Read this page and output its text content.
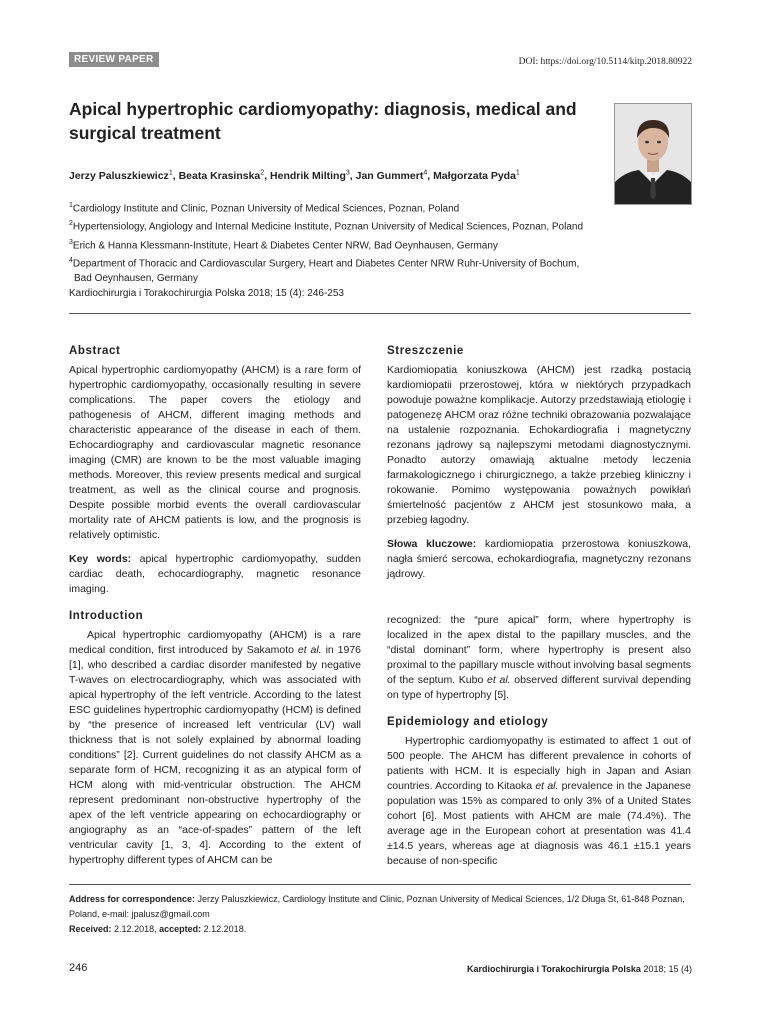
REVIEW PAPER	DOI: https://doi.org/10.5114/kitp.2018.80922
Apical hypertrophic cardiomyopathy: diagnosis, medical and surgical treatment
Jerzy Paluszkiewicz$^1$, Beata Krasinska$^2$, Hendrik Milting$^3$, Jan Gummert$^4$, Małgorzata Pyda$^1$
$^1$Cardiology Institute and Clinic, Poznan University of Medical Sciences, Poznan, Poland
$^2$Hypertensiology, Angiology and Internal Medicine Institute, Poznan University of Medical Sciences, Poznan, Poland
$^3$Erich & Hanna Klessmann-Institute, Heart & Diabetes Center NRW, Bad Oeynhausen, Germany
$^4$Department of Thoracic and Cardiovascular Surgery, Heart and Diabetes Center NRW Ruhr-University of Bochum,
Bad Oeynhausen, Germany
Kardiochirurgia i Torakochirurgia Polska 2018; 15 (4): 246-253
Abstract

Apical hypertrophic cardiomyopathy (AHCM) is a rare form of hypertrophic cardiomyopathy, occasionally resulting in severe complications. The paper covers the etiology and pathogenesis of AHCM, different imaging methods and characteristic appearance of the disease in each of them. Echocardiography and cardiovascular magnetic resonance imaging (CMR) are known to be the most valuable imaging methods. Moreover, this review presents medical and surgical treatment, as well as the clinical course and prognosis. Despite possible morbid events the overall cardiovascular mortality rate of AHCM patients is low, and the prognosis is relatively optimistic.

Key words: apical hypertrophic cardiomyopathy, sudden cardiac death, echocardiography, magnetic resonance imaging.

Streszczenie

Kardiomiopatia koniuszkowa (AHCM) jest rzadką postacią kardiomiopatii przerostowej, która w niektórych przypadkach powoduje poważne komplikacje. Autorzy przedstawiają etiologię i patogenezę AHCM oraz różne techniki obrazowania pozwalające na ustalenie rozpoznania. Echokardiografia i magnetyczny rezonans jądrowy są najlepszymi metodami diagnostycznymi. Ponadto autorzy omawiają aktualne metody leczenia farmakologicznego i chirurgicznego, a także przebieg kliniczny i rokowanie. Pomimo występowania poważnych powikłań śmiertelność pacjentów z AHCM jest stosunkowo mała, a przebieg łagodny.

Słowa kluczowe: kardiomiopatia przerostowa koniuszkowa, nagła śmierć sercowa, echokardiografia, magnetyczny rezonans jądrowy.

Introduction

Apical hypertrophic cardiomyopathy (AHCM) is a rare medical condition, first introduced by Sakamoto et al. in 1976 [1], who described a cardiac disorder manifested by negative T-waves on electrocardiography, which was associated with apical hypertrophy of the left ventricle. According to the latest ESC guidelines hypertrophic cardiomyopathy (HCM) is defined by “the presence of increased left ventricular (LV) wall thickness that is not solely explained by abnormal loading conditions” [2]. Current guidelines do not classify AHCM as a separate form of HCM, recognizing it as an atypical form of HCM along with mid-ventricular obstruction. The AHCM represent predominant non-obstructive hypertrophy of the apex of the left ventricle appearing on echocardiography or angiography as an “ace-of-spades” pattern of the left ventricular cavity [1, 3, 4]. According to the extent of hypertrophy different types of AHCM can be

recognized: the “pure apical” form, where hypertrophy is localized in the apex distal to the papillary muscles, and the “distal dominant” form, where hypertrophy is present also proximal to the papillary muscle without involving basal segments of the septum. Kubo et al. observed different survival depending on type of hypertrophy [5].

Epidemiology and etiology

Hypertrophic cardiomyopathy is estimated to affect 1 out of 500 people. The AHCM has different prevalence in cohorts of patients with HCM. It is especially high in Japan and Asian countries. According to Kitaoka et al. prevalence in the Japanese population was 15% as compared to only 3% of a United States cohort [6]. Most patients with AHCM are male (74.4%). The average age in the European cohort at presentation was 41.4 ±14.5 years, whereas age at diagnosis was 46.1 ±15.1 years because of non-specific

Address for correspondence: Jerzy Paluszkiewicz, Cardiology Institute and Clinic, Poznan University of Medical Sciences, 1/2 Długa St, 61-848 Poznan, Poland, e-mail: jpalusz@gmail.com
Received: 2.12.2018, accepted: 2.12.2018.
246	Kardiochirurgia i Torakochirurgia Polska 2018; 15 (4)
